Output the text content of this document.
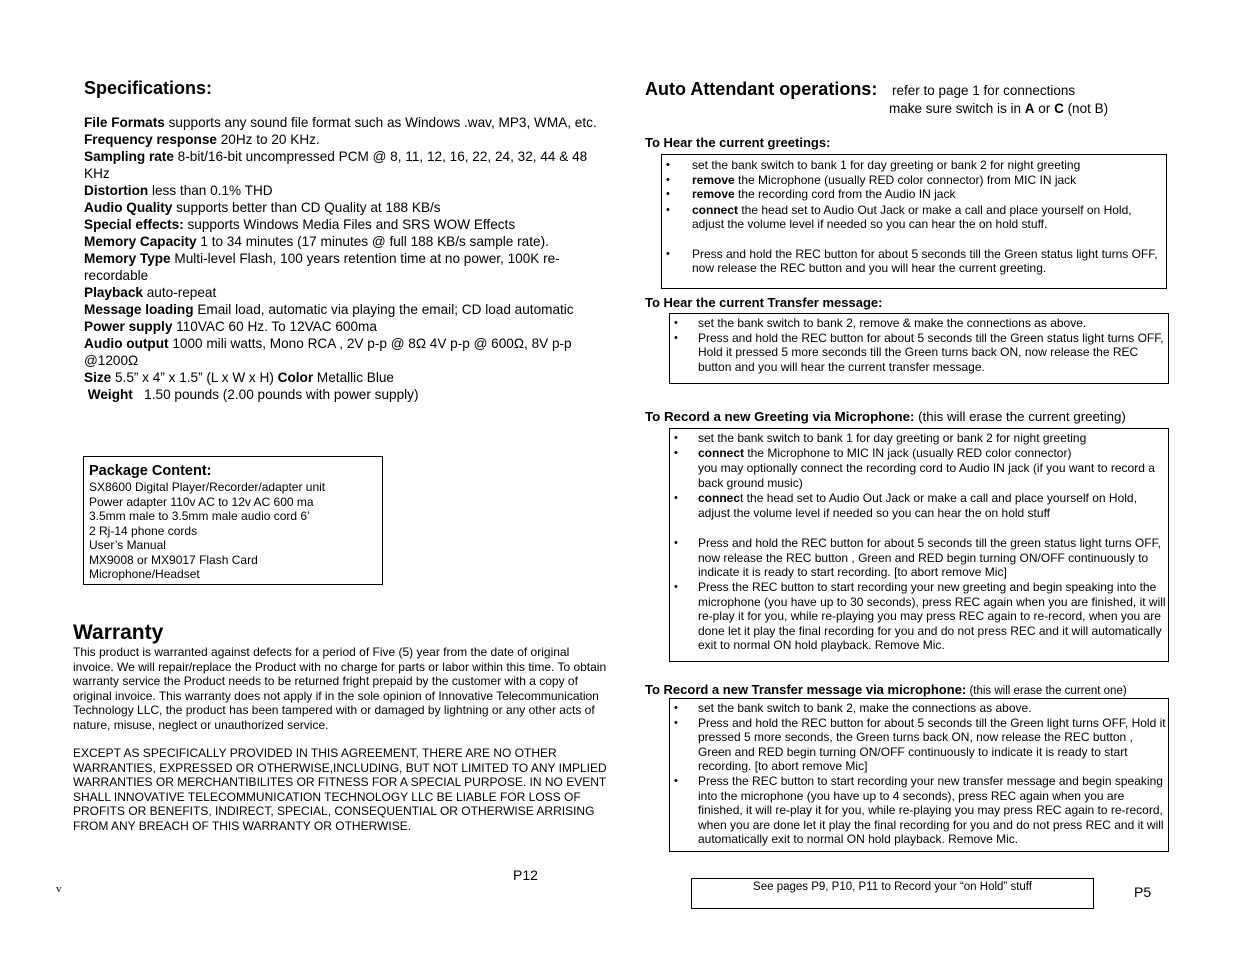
Specifications:
File Formats supports any sound file format such as Windows .wav, MP3, WMA, etc.
Frequency response 20Hz to 20 KHz.
Sampling rate 8-bit/16-bit uncompressed PCM @ 8, 11, 12, 16, 22, 24, 32, 44 & 48 KHz
Distortion less than 0.1% THD
Audio Quality supports better than CD Quality at 188 KB/s
Special effects: supports Windows Media Files and SRS WOW Effects
Memory Capacity 1 to 34 minutes (17 minutes @ full 188 KB/s sample rate).
Memory Type Multi-level Flash, 100 years retention time at no power, 100K re-recordable
Playback auto-repeat
Message loading Email load, automatic via playing the email; CD load automatic
Power supply 110VAC 60 Hz. To 12VAC 600ma
Audio output 1000 mili watts, Mono RCA , 2V p-p @ 8Ω 4V p-p @ 600Ω, 8V p-p @1200Ω
Size 5.5” x 4” x 1.5” (L x W x H) Color Metallic Blue
Weight   1.50 pounds (2.00 pounds with power supply)
Package Content:
SX8600 Digital Player/Recorder/adapter unit
Power adapter 110v AC to 12v AC 600 ma
3.5mm male to 3.5mm male audio cord 6’
2 Rj-14 phone cords
User’s Manual
MX9008 or MX9017 Flash Card
Microphone/Headset
Warranty
This product is warranted against defects for a period of Five (5) year from the date of original invoice. We will repair/replace the Product with no charge for parts or labor within this time. To obtain warranty service the Product needs to be returned fright prepaid by the customer with a copy of original invoice. This warranty does not apply if in the sole opinion of Innovative Telecommunication Technology LLC, the product has been tampered with or damaged by lightning or any other acts of nature, misuse, neglect or unauthorized service.
EXCEPT AS SPECIFICALLY PROVIDED IN THIS AGREEMENT, THERE ARE NO OTHER WARRANTIES, EXPRESSED OR OTHERWISE,INCLUDING, BUT NOT LIMITED TO ANY IMPLIED WARRANTIES OR MERCHANTIBILITES OR FITNESS FOR A SPECIAL PURPOSE. IN NO EVENT SHALL INNOVATIVE TELECOMMUNICATION TECHNOLOGY LLC BE LIABLE FOR LOSS OF PROFITS OR BENEFITS, INDIRECT, SPECIAL, CONSEQUENTIAL OR OTHERWISE ARRISING FROM ANY BREACH OF THIS WARRANTY OR OTHERWISE.
P12
v
Auto Attendant operations: refer to page 1 for connections
make sure switch is in A or C (not B)
To Hear the current greetings:
• set the bank switch to bank 1 for day greeting or bank 2 for night greeting
• remove the Microphone (usually RED color connector) from MIC IN jack
• remove the recording cord from the Audio IN jack
• connect the head set to Audio Out Jack or make a call and place yourself on Hold, adjust the volume level if needed so you can hear the on hold stuff.
• Press and hold the REC button for about 5 seconds till the Green status light turns OFF, now release the REC button and you will hear the current greeting.
To Hear the current Transfer message:
• set the bank switch to bank 2, remove & make the connections as above.
• Press and hold the REC button for about 5 seconds till the Green status light turns OFF, Hold it pressed 5 more seconds till the Green turns back ON, now release the REC button and you will hear the current transfer message.
To Record a new Greeting via Microphone: (this will erase the current greeting)
• set the bank switch to bank 1 for day greeting or bank 2 for night greeting
• connect the Microphone to MIC IN jack (usually RED color connector)
you may optionally connect the recording cord to Audio IN jack (if you want to record a back ground music)
• connect the head set to Audio Out Jack or make a call and place yourself on Hold, adjust the volume level if needed so you can hear the on hold stuff
• Press and hold the REC button for about 5 seconds till the green status light turns OFF, now release the REC button , Green and RED begin turning ON/OFF continuously to indicate it is ready to start recording. [to abort remove Mic]
• Press the REC button to start recording your new greeting and begin speaking into the microphone (you have up to 30 seconds), press REC again when you are finished, it will re-play it for you, while re-playing you may press REC again to re-record, when you are done let it play the final recording for you and do not press REC and it will automatically exit to normal ON hold playback. Remove Mic.
To Record a new Transfer message via microphone: (this will erase the current one)
• set the bank switch to bank 2, make the connections as above.
• Press and hold the REC button for about 5 seconds till the Green light turns OFF, Hold it pressed 5 more seconds, the Green turns back ON, now release the REC button , Green and RED begin turning ON/OFF continuously to indicate it is ready to start recording. [to abort remove Mic]
• Press the REC button to start recording your new transfer message and begin speaking into the microphone (you have up to 4 seconds), press REC again when you are finished, it will re-play it for you, while re-playing you may press REC again to re-record, when you are done let it play the final recording for you and do not press REC and it will automatically exit to normal ON hold playback. Remove Mic.
See pages P9, P10, P11 to Record your “on Hold” stuff	P5
